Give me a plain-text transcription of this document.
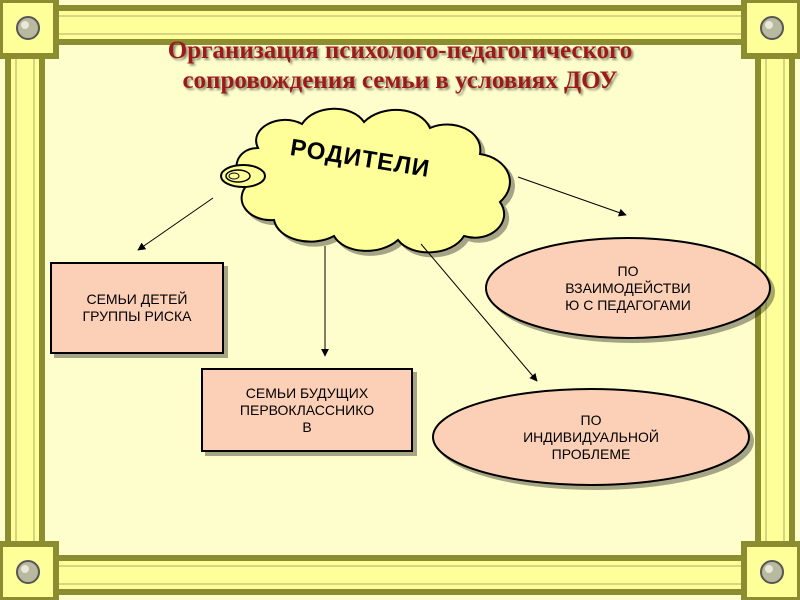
Организация психолого-педагогического
сопровождения семьи в условиях ДОУ
РОДИТЕЛИ
СЕМЬИ ДЕТЕЙ
ГРУППЫ РИСКА
СЕМЬИ БУДУЩИХ
ПЕРВОКЛАССНИКО
В
ПО
ВЗАИМОДЕЙСТВИ
Ю С ПЕДАГОГАМИ
ПО
ИНДИВИДУАЛЬНОЙ
ПРОБЛЕМЕ
